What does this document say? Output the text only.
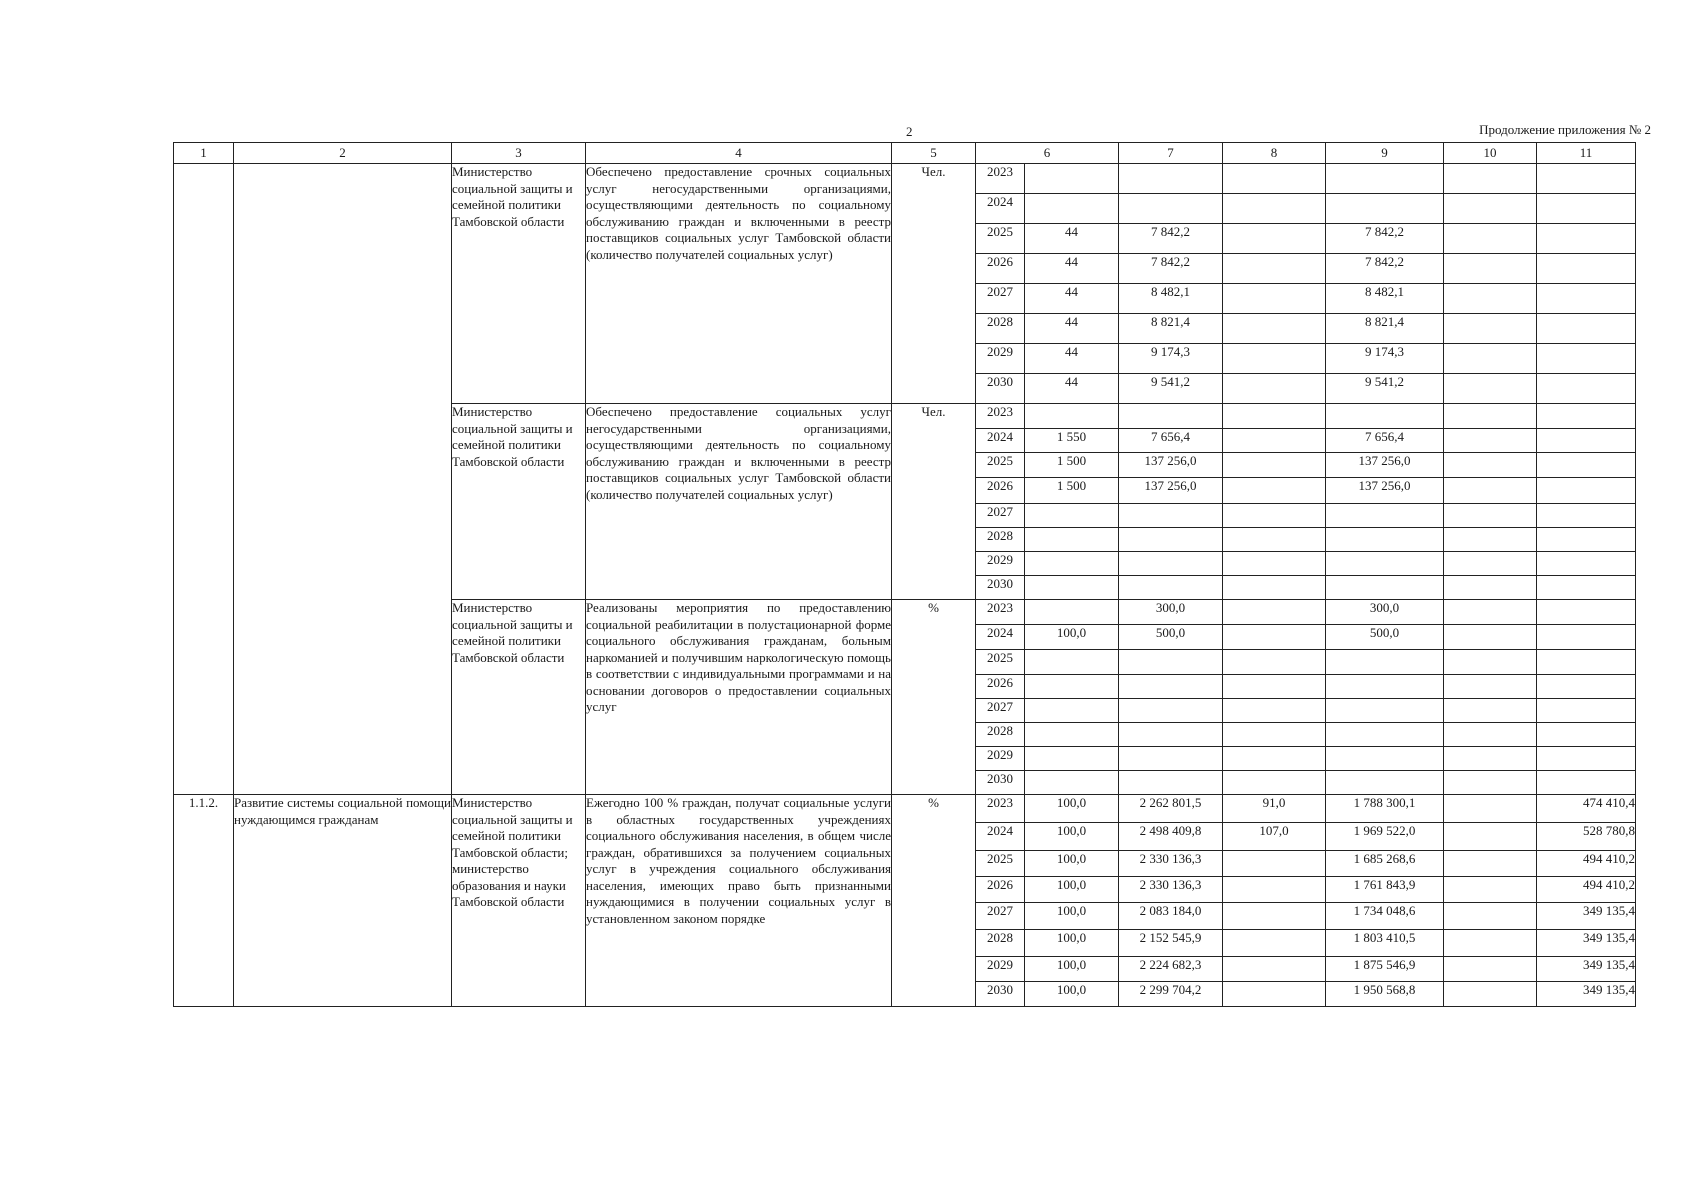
2	Продолжение приложения № 2
1	2	3	4	5	6		7	8	9	10	11
		Министерство социальной защиты и семейной политики Тамбовской области	Обеспечено предоставление срочных социальных услуг негосударственными организациями, осуществляющими деятельность по социальному обслуживанию граждан и включенными в реестр поставщиков социальных услуг Тамбовской области (количество получателей социальных услуг)	Чел.	2023						
					2024						
					2025	44	7 842,2		7 842,2		
					2026	44	7 842,2		7 842,2		
					2027	44	8 482,1		8 482,1		
					2028	44	8 821,4		8 821,4		
					2029	44	9 174,3		9 174,3		
					2030	44	9 541,2		9 541,2		
		Министерство социальной защиты и семейной политики Тамбовской области	Обеспечено предоставление социальных услуг негосударственными организациями, осуществляющими деятельность по социальному обслуживанию граждан и включенными в реестр поставщиков социальных услуг Тамбовской области (количество получателей социальных услуг)	Чел.	2023						
					2024	1 550	7 656,4		7 656,4		
					2025	1 500	137 256,0		137 256,0		
					2026	1 500	137 256,0		137 256,0		
					2027						
					2028						
					2029						
					2030						
		Министерство социальной защиты и семейной политики Тамбовской области	Реализованы мероприятия по предоставлению социальной реабилитации в полустационарной форме социального обслуживания гражданам, больным наркоманией и получившим наркологическую помощь в соответствии с индивидуальными программами и на основании договоров о предоставлении социальных услуг	%	2023		300,0		300,0		
					2024	100,0	500,0		500,0		
					2025						
					2026						
					2027						
					2028						
					2029						
					2030						
1.1.2.	Развитие системы социальной помощи нуждающимся гражданам	Министерство социальной защиты и семейной политики Тамбовской области; министерство образования и науки Тамбовской области	Ежегодно 100 % граждан, получат социальные услуги в областных государственных учреждениях социального обслуживания населения, в общем числе граждан, обратившихся за получением социальных услуг в учреждения социального обслуживания населения, имеющих право быть признанными нуждающимися в получении социальных услуг в установленном законом порядке	%	2023	100,0	2 262 801,5	91,0	1 788 300,1		474 410,4
					2024	100,0	2 498 409,8	107,0	1 969 522,0		528 780,8
					2025	100,0	2 330 136,3		1 685 268,6		494 410,2
					2026	100,0	2 330 136,3		1 761 843,9		494 410,2
					2027	100,0	2 083 184,0		1 734 048,6		349 135,4
					2028	100,0	2 152 545,9		1 803 410,5		349 135,4
					2029	100,0	2 224 682,3		1 875 546,9		349 135,4
					2030	100,0	2 299 704,2		1 950 568,8		349 135,4
